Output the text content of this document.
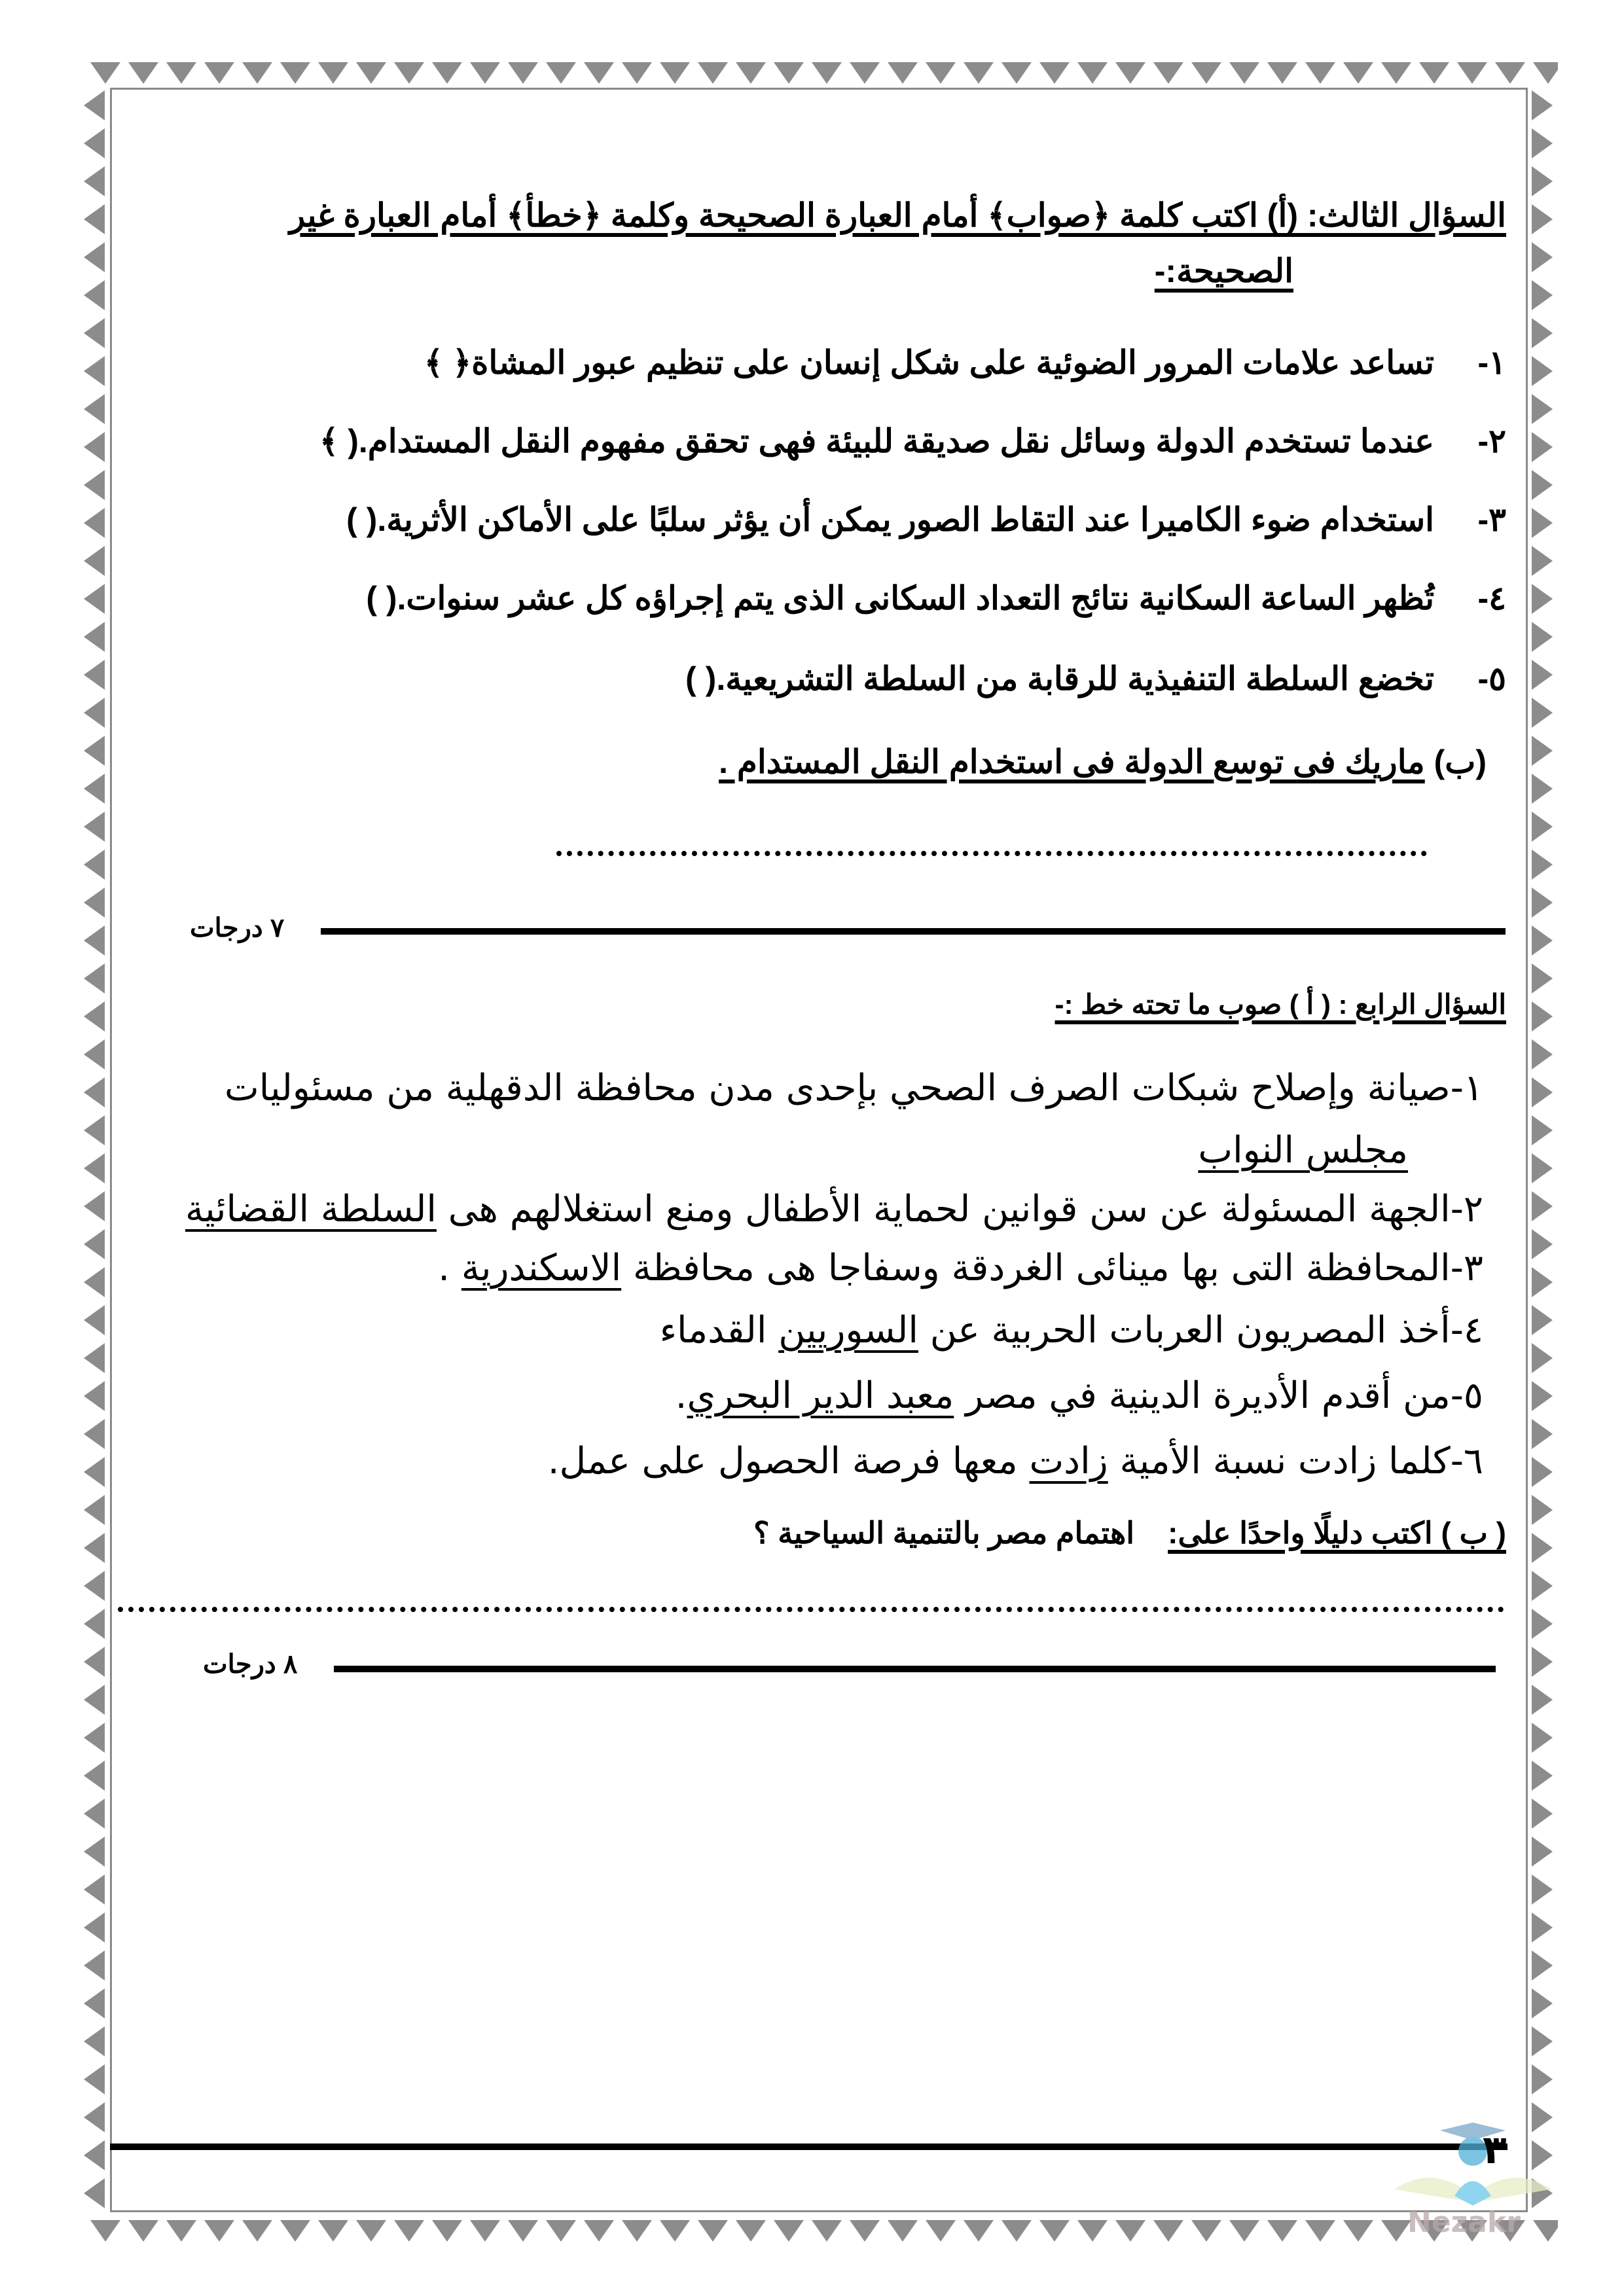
السؤال الثالث: (أ) اكتب كلمة ﴿صواب﴾ أمام العبارة الصحيحة وكلمة ﴿خطأ﴾ أمام العبارة غير
الصحيحة:-
١-تساعد علامات المرور الضوئية على شكل إنسان على تنظيم عبور المشاة﴿ ﴾
٢-عندما تستخدم الدولة وسائل نقل صديقة للبيئة فهى تحقق مفهوم النقل المستدام.( ﴾
٣-استخدام ضوء الكاميرا عند التقاط الصور يمكن أن يؤثر سلبًا على الأماكن الأثرية.( )
٤-تُظهر الساعة السكانية نتائج التعداد السكانى الذى يتم إجراؤه كل عشر سنوات.( )
٥-تخضع السلطة التنفيذية للرقابة من السلطة التشريعية.( )
(ب) ماريك فى توسع الدولة فى استخدام النقل المستدام .
٧ درجات
السؤال الرابع : ( أ ) صوب ما تحته خط :-
١-صيانة وإصلاح شبكات الصرف الصحي بإحدى مدن محافظة الدقهلية من مسئوليات
مجلس النواب
٢-الجهة المسئولة عن سن قوانين لحماية الأطفال ومنع استغلالهم هى السلطة القضائية
٣-المحافظة التى بها مينائى الغردقة وسفاجا هى محافظة الاسكندرية .
٤-أخذ المصريون العربات الحربية عن السوريين القدماء
٥-من أقدم الأديرة الدينية في مصر معبد الدير البحري.
٦-كلما زادت نسبة الأمية زادت معها فرصة الحصول على عمل.
( ب ) اكتب دليلًا واحدًا على:    اهتمام مصر بالتنمية السياحية ؟
٨ درجات
Nezakr
٣
